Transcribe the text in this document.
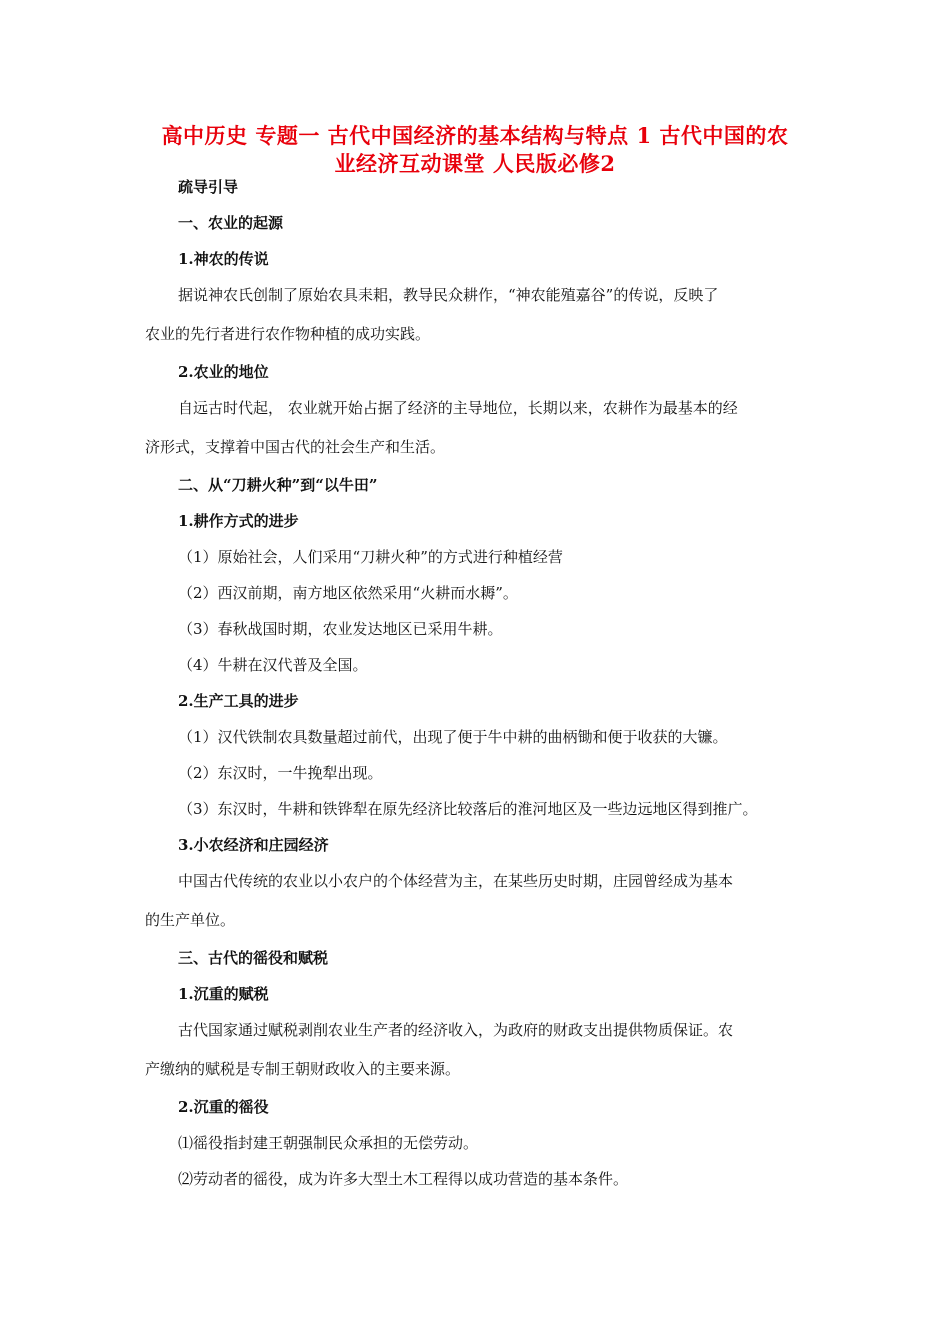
高中历史 专题一 古代中国经济的基本结构与特点 1 古代中国的农
业经济互动课堂 人民版必修2
疏导引导
一、农业的起源
1.神农的传说
据说神农氏创制了原始农具耒耜，教导民众耕作，“神农能殖嘉谷”的传说，反映了
农业的先行者进行农作物种植的成功实践。
2.农业的地位
自远古时代起， 农业就开始占据了经济的主导地位，长期以来，农耕作为最基本的经
济形式，支撑着中国古代的社会生产和生活。
二、从“刀耕火种”到“以牛田”
1.耕作方式的进步
（1）原始社会，人们采用“刀耕火种”的方式进行种植经营
（2）西汉前期，南方地区依然采用“火耕而水耨”。
（3）春秋战国时期，农业发达地区已采用牛耕。
（4）牛耕在汉代普及全国。
2.生产工具的进步
（1）汉代铁制农具数量超过前代，出现了便于牛中耕的曲柄锄和便于收获的大镰。
（2）东汉时，一牛挽犁出现。
（3）东汉时，牛耕和铁铧犁在原先经济比较落后的淮河地区及一些边远地区得到推广。
3.小农经济和庄园经济
中国古代传统的农业以小农户的个体经营为主，在某些历史时期，庄园曾经成为基本
的生产单位。
三、古代的徭役和赋税
1.沉重的赋税
古代国家通过赋税剥削农业生产者的经济收入，为政府的财政支出提供物质保证。农
产缴纳的赋税是专制王朝财政收入的主要来源。
2.沉重的徭役
⑴徭役指封建王朝强制民众承担的无偿劳动。
⑵劳动者的徭役，成为许多大型土木工程得以成功营造的基本条件。
